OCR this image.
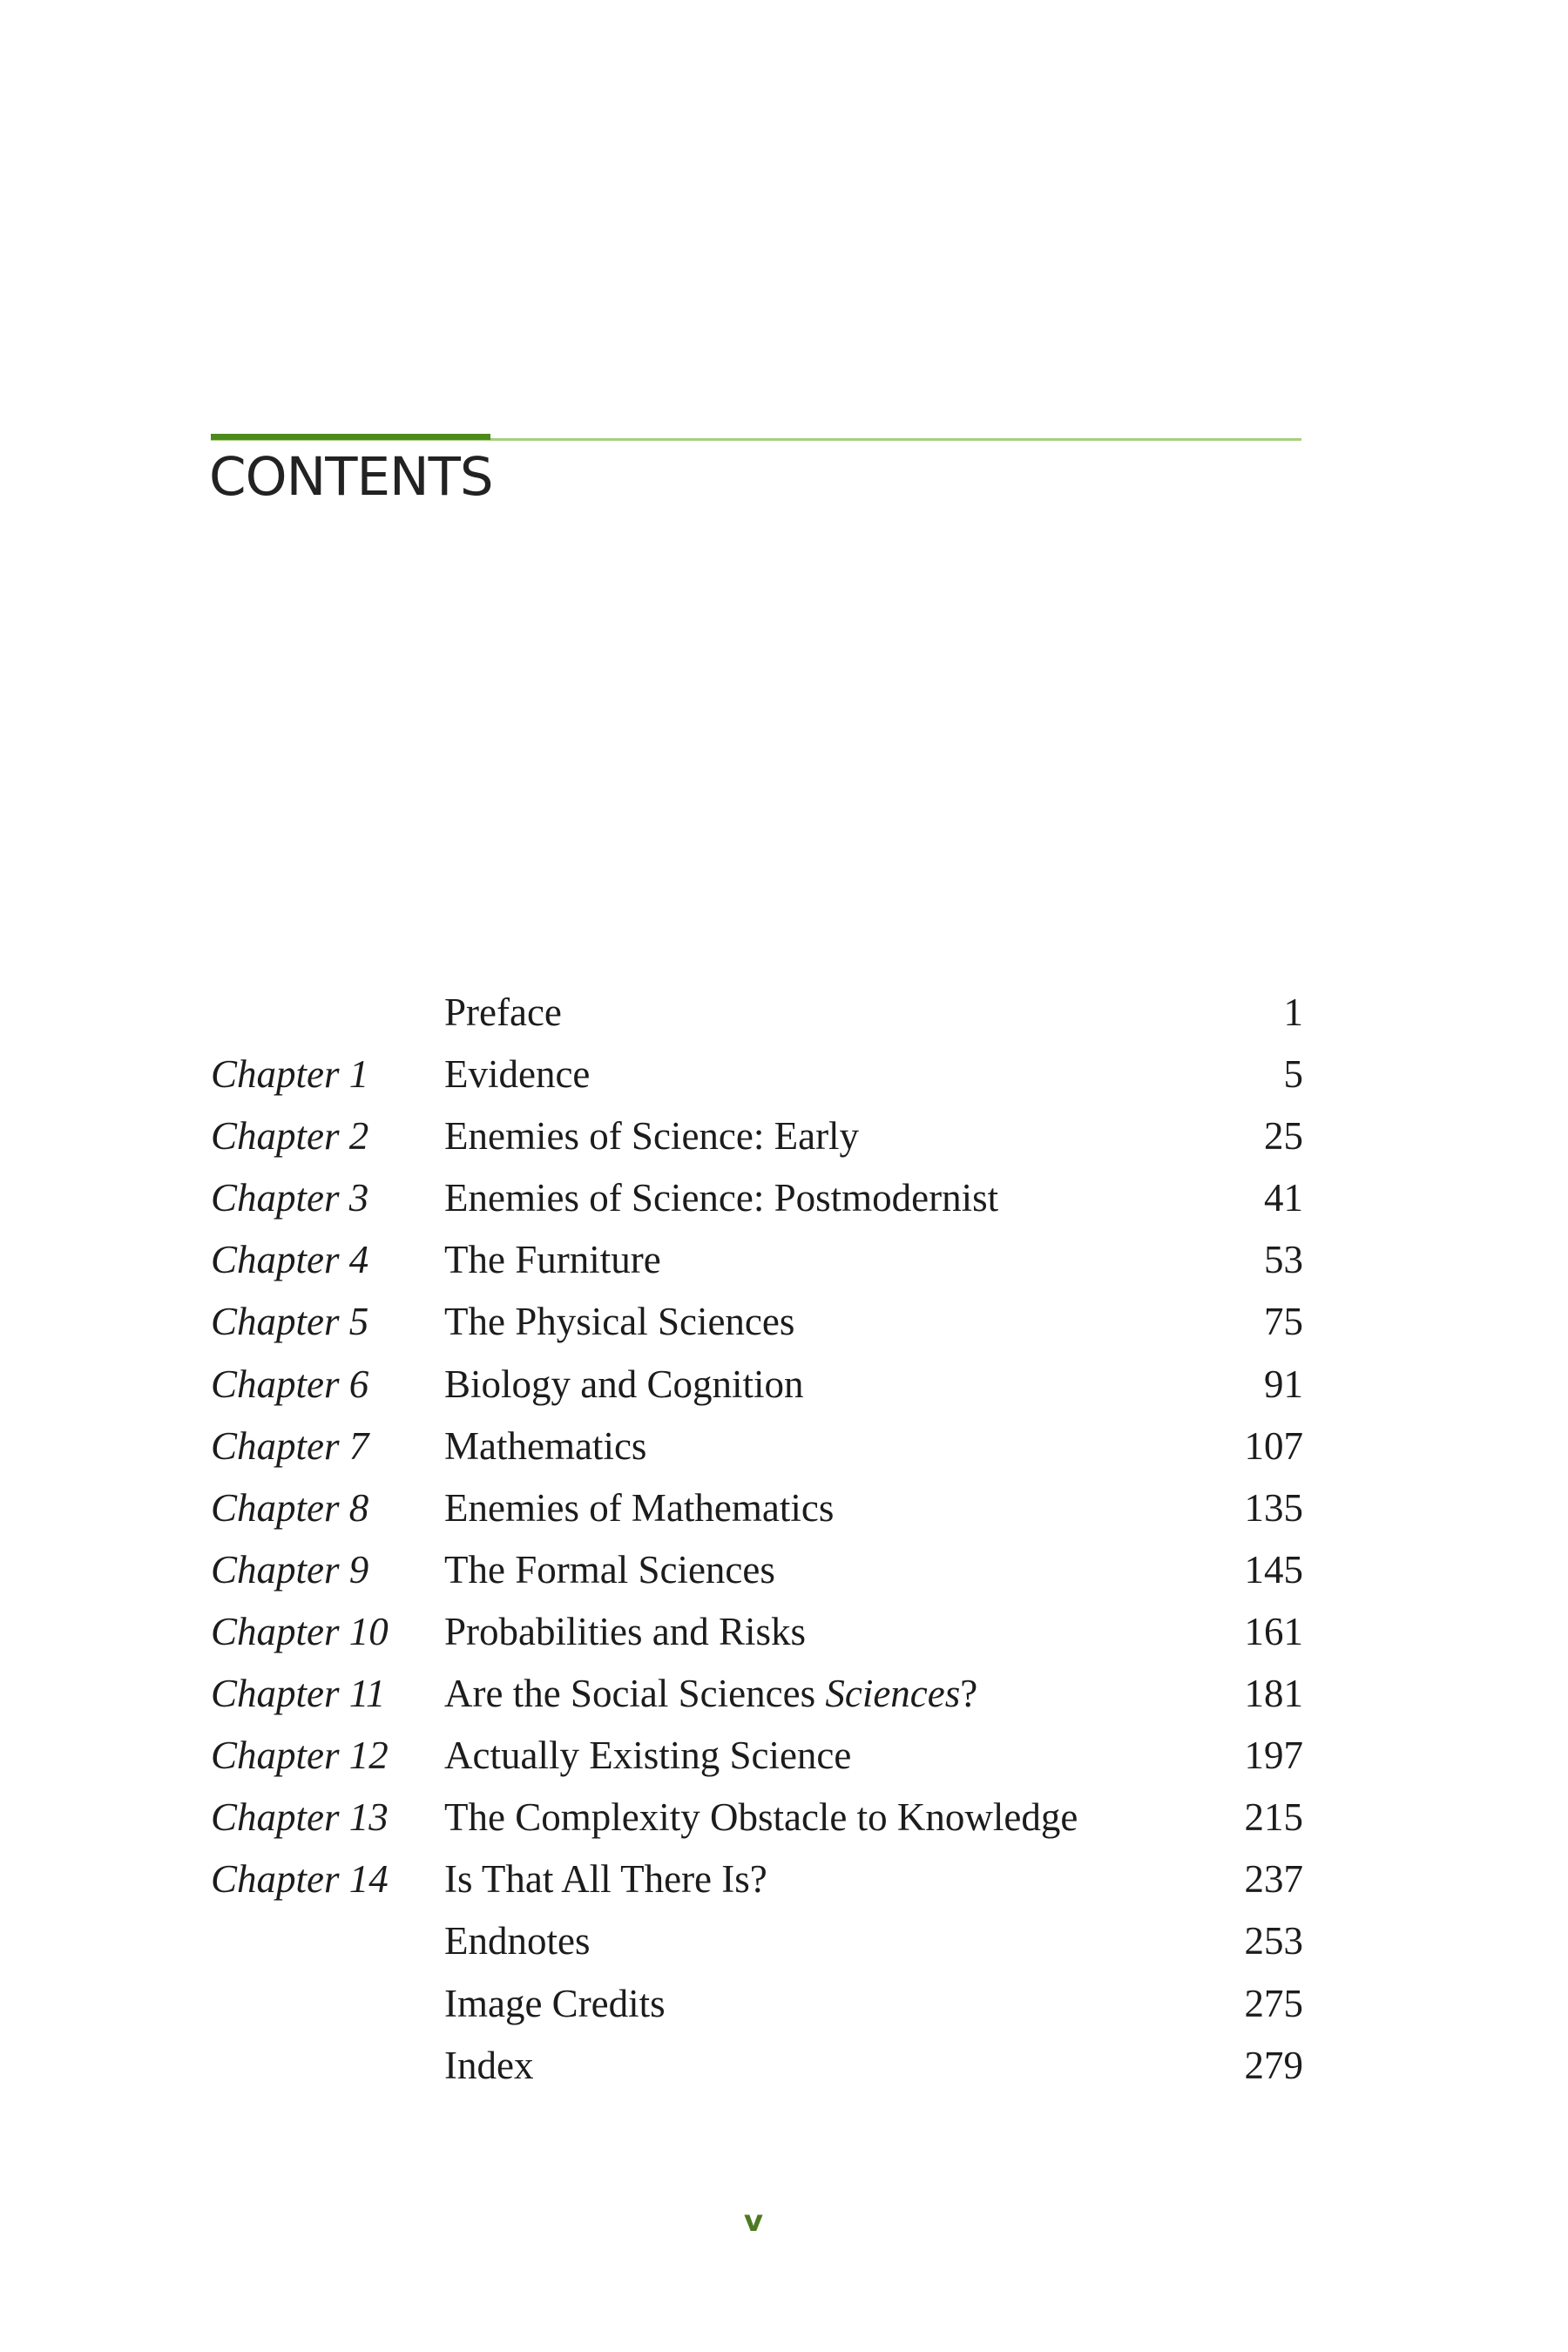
CONTENTS
Preface	1
Chapter 1 Evidence	5
Chapter 2 Enemies of Science: Early	25
Chapter 3 Enemies of Science: Postmodernist	41
Chapter 4 The Furniture	53
Chapter 5 The Physical Sciences	75
Chapter 6 Biology and Cognition	91
Chapter 7 Mathematics	107
Chapter 8 Enemies of Mathematics	135
Chapter 9 The Formal Sciences	145
Chapter 10 Probabilities and Risks	161
Chapter 11 Are the Social Sciences Sciences?	181
Chapter 12 Actually Existing Science	197
Chapter 13 The Complexity Obstacle to Knowledge	215
Chapter 14 Is That All There Is?	237
Endnotes	253
Image Credits	275
Index	279
v
